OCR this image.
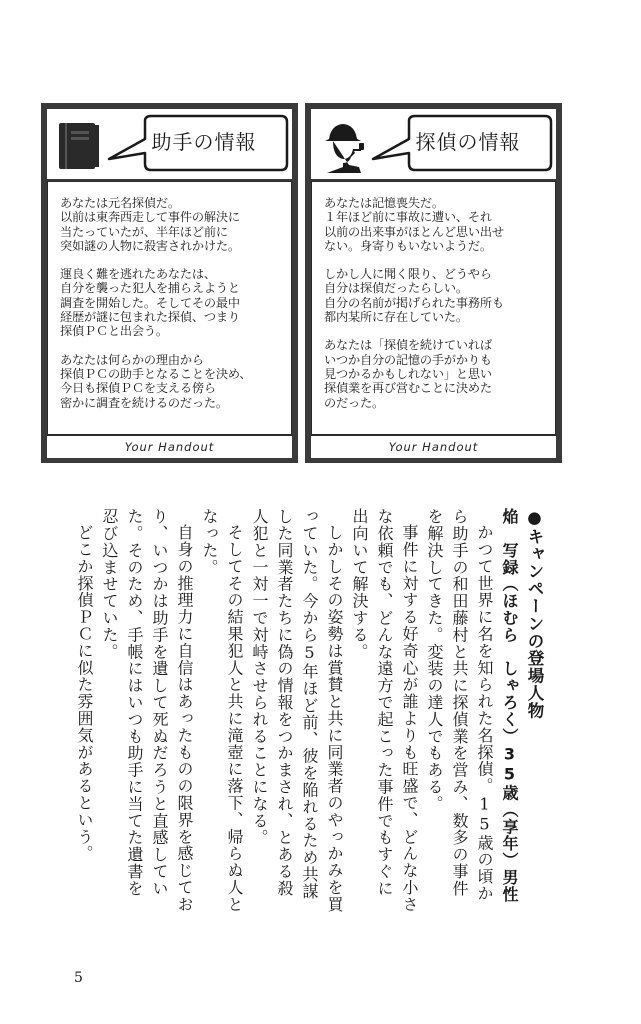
助手の情報

あなたは元名探偵だ。
以前は東奔西走して事件の解決に
当たっていたが、半年ほど前に
突如謎の人物に殺害されかけた。

運良く難を逃れたあなたは、
自分を襲った犯人を捕らえようと
調査を開始した。そしてその最中
経歴が謎に包まれた探偵、つまり
探偵ＰＣと出会う。

あなたは何らかの理由から
探偵ＰＣの助手となることを決め、
今日も探偵ＰＣを支える傍ら
密かに調査を続けるのだった。

Your Handout
探偵の情報

あなたは記憶喪失だ。
１年ほど前に事故に遭い、それ
以前の出来事がほとんど思い出せ
ない。身寄りもいないようだ。

しかし人に聞く限り、どうやら
自分は探偵だったらしい。
自分の名前が掲げられた事務所も
都内某所に存在していた。

あなたは「探偵を続けていれば
いつか自分の記憶の手がかりも
見つかるかもしれない」と思い
探偵業を再び営むことに決めた
のだった。

Your Handout

●キャンペーンの登場人物

焔　写録（ほむら　しゃろく）35歳（享年）男性

かつて世界に名を知られた名探偵。15歳の頃から助手の和田藤村と共に探偵業を営み、数多の事件を解決してきた。変装の達人でもある。

事件に対する好奇心が誰よりも旺盛で、どんな小さな依頼でも、どんな遠方で起こった事件でもすぐに出向いて解決する。

しかしその姿勢は賞賛と共に同業者のやっかみを買っていた。今から5年ほど前、彼を陥れるため共謀した同業者たちに偽の情報をつかまされ、とある殺人犯と一対一で対峙させられることになる。

そしてその結果犯人と共に滝壺に落下、帰らぬ人となった。

自身の推理力に自信はあったものの限界を感じており、いつかは助手を遺して死ぬだろうと直感していた。そのため、手帳にはいつも助手に当てた遺書を忍び込ませていた。

どこか探偵ＰＣに似た雰囲気があるという。

5
